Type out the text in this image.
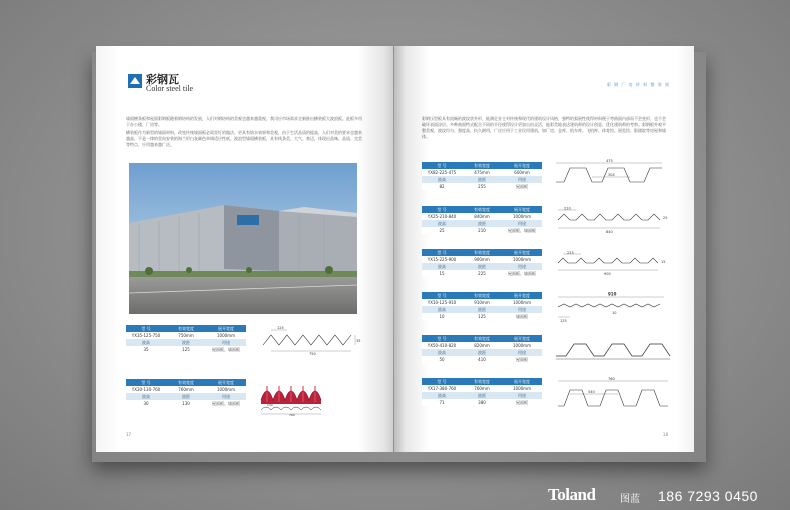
彩钢瓦
Color steel tile
墙面檩条板和屋面彩钢板随着钢结构的发展，人们对钢结构的美观也越来越重视，我司应市场需求全新推出横装板大波浪板。此板多用于办公楼、厂房等。
横装板作为新型的墙面材料，改变传统墙面板必需竖钉的做法，更具有防水效果和美观，由于生活品质的提高，人们对美的要求也越来越高，不是一律的竖向安装的海兰形白灰颜色单调适应性低。波浪型墙面横装板，具有线条美、大气、豪迈，体现出品味、品质，完美等特点，应用越来越广泛。
型 号	有效宽度	展开宽度
YX35-125-750	750mm	1000mm
波高	波距	用途
35	125	屋面板、墙面板
125
750
35
型 号	有效宽度	展开宽度
YX30-130-760	760mm	1000mm
波高	波距	用途
30	130	屋面板、墙面板	130
760
17
彩 钢 厂 房 材 料 整 装 商
彩钢压型板具有流畅的波纹状外形，能满足业主对传统和现代的建筑设计风格，独特的弧展性使得材料便于弯曲面内部而不会变形，也不会破坏表面涂层。多种曲面特式配合不同的半径使得设计更加自由灵活，能彩美地表达建筑师的设计创意，优化建筑师的考察。彩钢板外观平整美观、波纹均匀、强度高、抗久耐用，广泛应用于工业民用建筑，如厂房、仓库、机车库、飞机库、体育馆、展览馆、影剧院等房屋和墙体。
型 号	有效宽度	展开宽度
YX82-225-475	475mm	600mm
波高	波距	用途
82	255	屋面板
475
304
型 号	有效宽度	展开宽度
YX25-210-840	840mm	1000mm
波高	波距	用途
25	210	屋面板、墙面板
210
840
25
型 号	有效宽度	展开宽度
YX15-225-900	900mm	1000mm
波高	波距	用途
15	225	屋面板、墙面板
225
900
15
型 号	有效宽度	展开宽度
YX10-125-910	910mm	1000mm
波高	波距	用途
10	125	墙面板
910
125
10
型 号	有效宽度	展开宽度
YX50-410-820	820mm	1000mm
波高	波距	用途
50	410	屋面板
型 号	有效宽度	展开宽度
YX17-380-760	760mm	1000mm
波高	波距	用途
71	380	屋面板
760
540
18
Toland 图蓝 186 7293 0450
